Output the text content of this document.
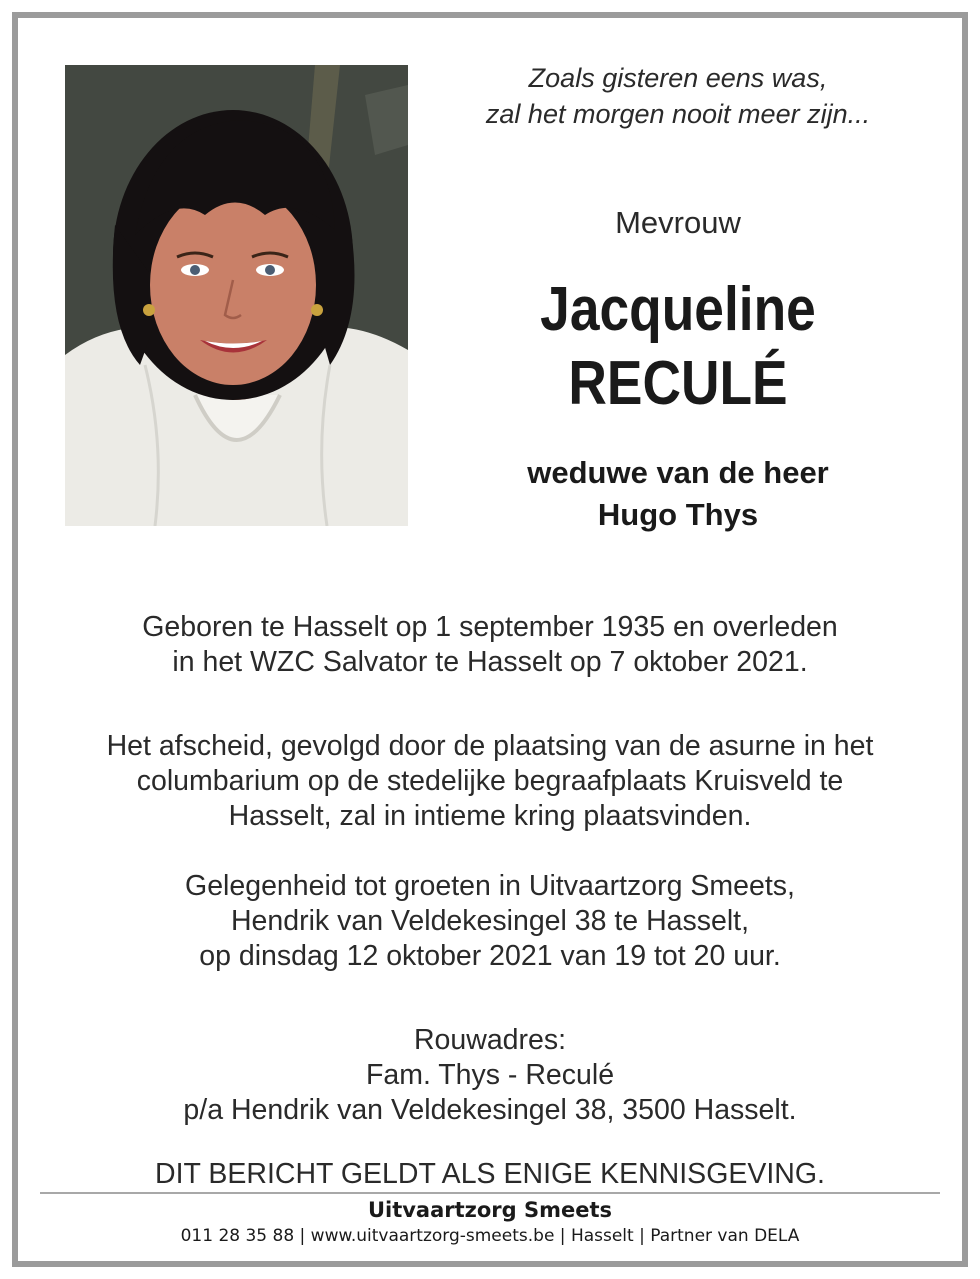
Zoals gisteren eens was,
zal het morgen nooit meer zijn...
Mevrouw
Jacqueline
RECULÉ
weduwe van de heer
Hugo Thys
Geboren te Hasselt op 1 september 1935 en overleden
in het WZC Salvator te Hasselt op 7 oktober 2021.
Het afscheid, gevolgd door de plaatsing van de asurne in het
columbarium op de stedelijke begraafplaats Kruisveld te
Hasselt, zal in intieme kring plaatsvinden.
Gelegenheid tot groeten in Uitvaartzorg Smeets,
Hendrik van Veldekesingel 38 te Hasselt,
op dinsdag 12 oktober 2021 van 19 tot 20 uur.
Rouwadres:
Fam. Thys - Reculé
p/a Hendrik van Veldekesingel 38, 3500 Hasselt.
DIT BERICHT GELDT ALS ENIGE KENNISGEVING.
Uitvaartzorg Smeets
011 28 35 88 | www.uitvaartzorg-smeets.be | Hasselt | Partner van DELA
